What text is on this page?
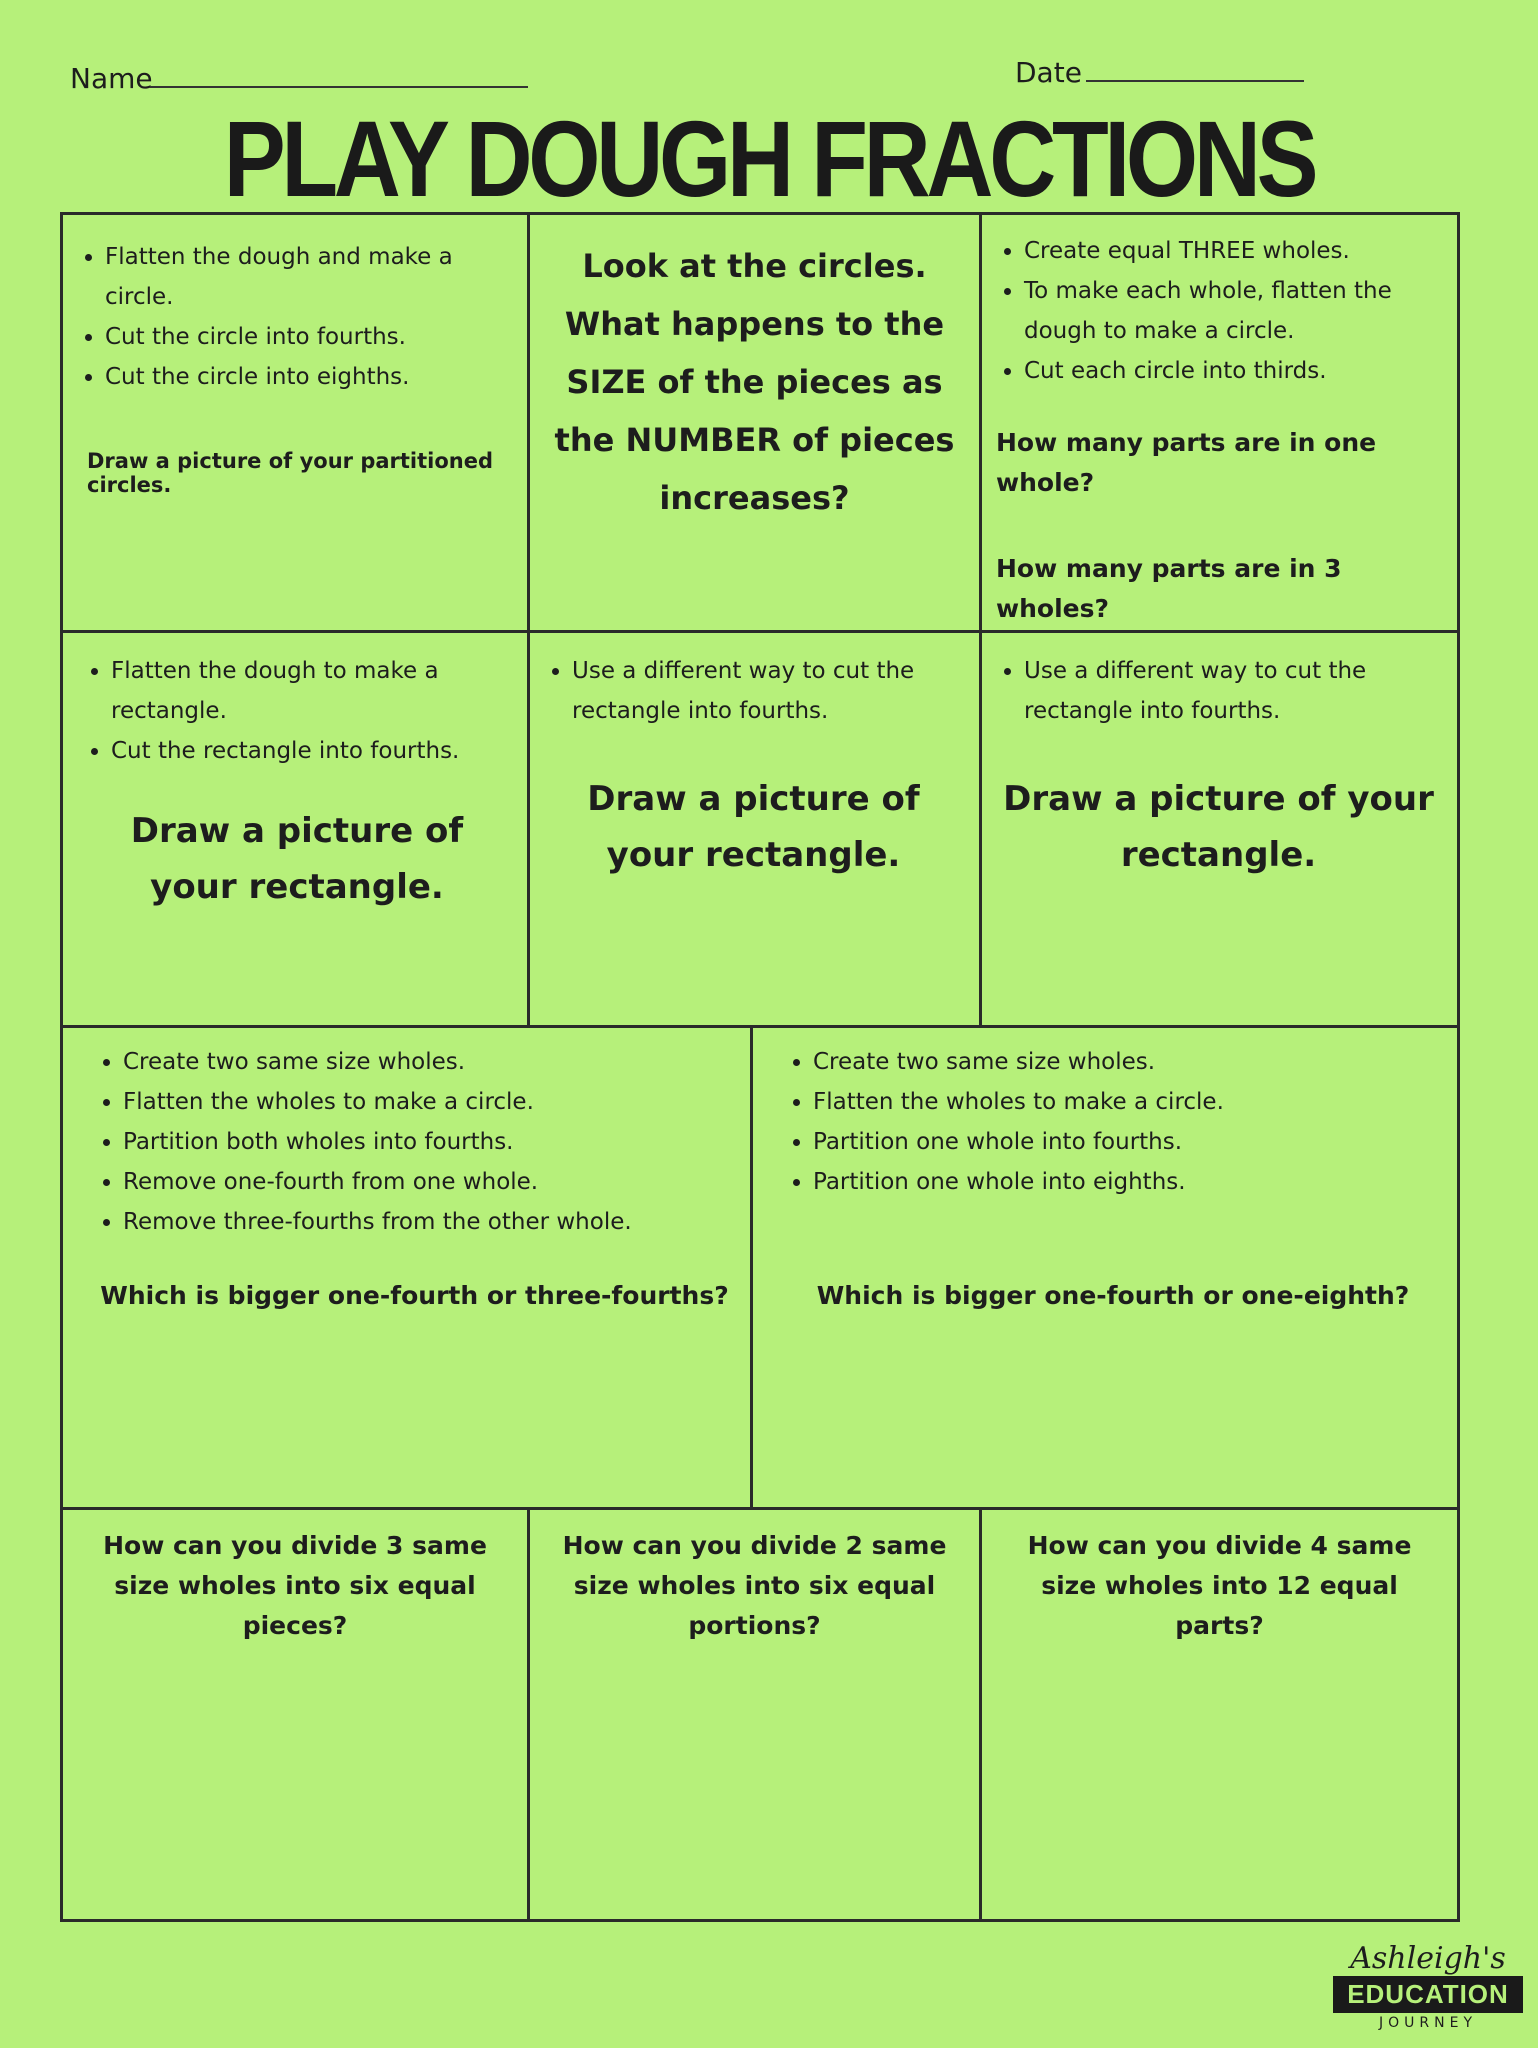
Name	Date
PLAY DOUGH FRACTIONS
• Flatten the dough and make a circle.
• Cut the circle into fourths.
• Cut the circle into eighths.
Draw a picture of your partitioned circles.
Look at the circles. What happens to the SIZE of the pieces as the NUMBER of pieces increases?
• Create equal THREE wholes.
• To make each whole, flatten the dough to make a circle.
• Cut each circle into thirds.
How many parts are in one whole?
How many parts are in 3 wholes?
• Flatten the dough to make a rectangle.
• Cut the rectangle into fourths.
Draw a picture of your rectangle.
• Use a different way to cut the rectangle into fourths.
Draw a picture of your rectangle.
• Use a different way to cut the rectangle into fourths.
Draw a picture of your rectangle.
• Create two same size wholes.
• Flatten the wholes to make a circle.
• Partition both wholes into fourths.
• Remove one-fourth from one whole.
• Remove three-fourths from the other whole.
Which is bigger one-fourth or three-fourths?
• Create two same size wholes.
• Flatten the wholes to make a circle.
• Partition one whole into fourths.
• Partition one whole into eighths.
Which is bigger one-fourth or one-eighth?
How can you divide 3 same size wholes into six equal pieces?
How can you divide 2 same size wholes into six equal portions?
How can you divide 4 same size wholes into 12 equal parts?
Ashleigh's
EDUCATION
JOURNEY
